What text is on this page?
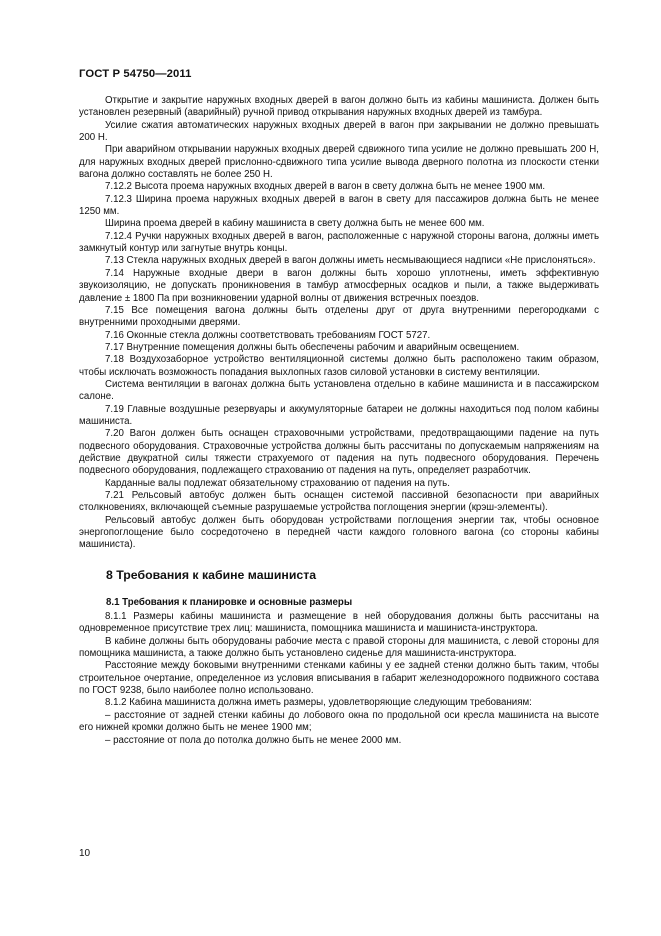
ГОСТ Р 54750—2011

Открытие и закрытие наружных входных дверей в вагон должно быть из кабины машиниста. Должен быть установлен резервный (аварийный) ручной привод открывания наружных входных дверей из тамбура.

Усилие сжатия автоматических наружных входных дверей в вагон при закрывании не должно превышать 200 Н.

При аварийном открывании наружных входных дверей сдвижного типа усилие не должно превышать 200 Н, для наружных входных дверей прислонно-сдвижного типа усилие вывода дверного полотна из плоскости стенки вагона должно составлять не более 250 Н.

7.12.2 Высота проема наружных входных дверей в вагон в свету должна быть не менее 1900 мм.

7.12.3 Ширина проема наружных входных дверей в вагон в свету для пассажиров должна быть не менее 1250 мм.

Ширина проема дверей в кабину машиниста в свету должна быть не менее 600 мм.

7.12.4 Ручки наружных входных дверей в вагон, расположенные с наружной стороны вагона, должны иметь замкнутый контур или загнутые внутрь концы.

7.13 Стекла наружных входных дверей в вагон должны иметь несмывающиеся надписи «Не прислоняться».

7.14 Наружные входные двери в вагон должны быть хорошо уплотнены, иметь эффективную звукоизоляцию, не допускать проникновения в тамбур атмосферных осадков и пыли, а также выдерживать давление ± 1800 Па при возникновении ударной волны от движения встречных поездов.

7.15 Все помещения вагона должны быть отделены друг от друга внутренними перегородками с внутренними проходными дверями.

7.16 Оконные стекла должны соответствовать требованиям ГОСТ 5727.

7.17 Внутренние помещения должны быть обеспечены рабочим и аварийным освещением.

7.18 Воздухозаборное устройство вентиляционной системы должно быть расположено таким образом, чтобы исключать возможность попадания выхлопных газов силовой установки в систему вентиляции.

Система вентиляции в вагонах должна быть установлена отдельно в кабине машиниста и в пассажирском салоне.

7.19 Главные воздушные резервуары и аккумуляторные батареи не должны находиться под полом кабины машиниста.

7.20 Вагон должен быть оснащен страховочными устройствами, предотвращающими падение на путь подвесного оборудования. Страховочные устройства должны быть рассчитаны по допускаемым напряжениям на действие двукратной силы тяжести страхуемого от падения на путь подвесного оборудования. Перечень подвесного оборудования, подлежащего страхованию от падения на путь, определяет разработчик.

Карданные валы подлежат обязательному страхованию от падения на путь.

7.21 Рельсовый автобус должен быть оснащен системой пассивной безопасности при аварийных столкновениях, включающей съемные разрушаемые устройства поглощения энергии (крэш-элементы).

Рельсовый автобус должен быть оборудован устройствами поглощения энергии так, чтобы основное энергопоглощение было сосредоточено в передней части каждого головного вагона (со стороны кабины машиниста).

8 Требования к кабине машиниста
8.1 Требования к планировке и основные размеры

8.1.1 Размеры кабины машиниста и размещение в ней оборудования должны быть рассчитаны на одновременное присутствие трех лиц: машиниста, помощника машиниста и машиниста-инструктора.

В кабине должны быть оборудованы рабочие места с правой стороны для машиниста, с левой стороны для помощника машиниста, а также должно быть установлено сиденье для машиниста-инструктора.

Расстояние между боковыми внутренними стенками кабины у ее задней стенки должно быть таким, чтобы строительное очертание, определенное из условия вписывания в габарит железнодорожного подвижного состава по ГОСТ 9238, было наиболее полно использовано.

8.1.2 Кабина машиниста должна иметь размеры, удовлетворяющие следующим требованиям:

– расстояние от задней стенки кабины до лобового окна по продольной оси кресла машиниста на высоте его нижней кромки должно быть не менее 1900 мм;

– расстояние от пола до потолка должно быть не менее 2000 мм.

10
